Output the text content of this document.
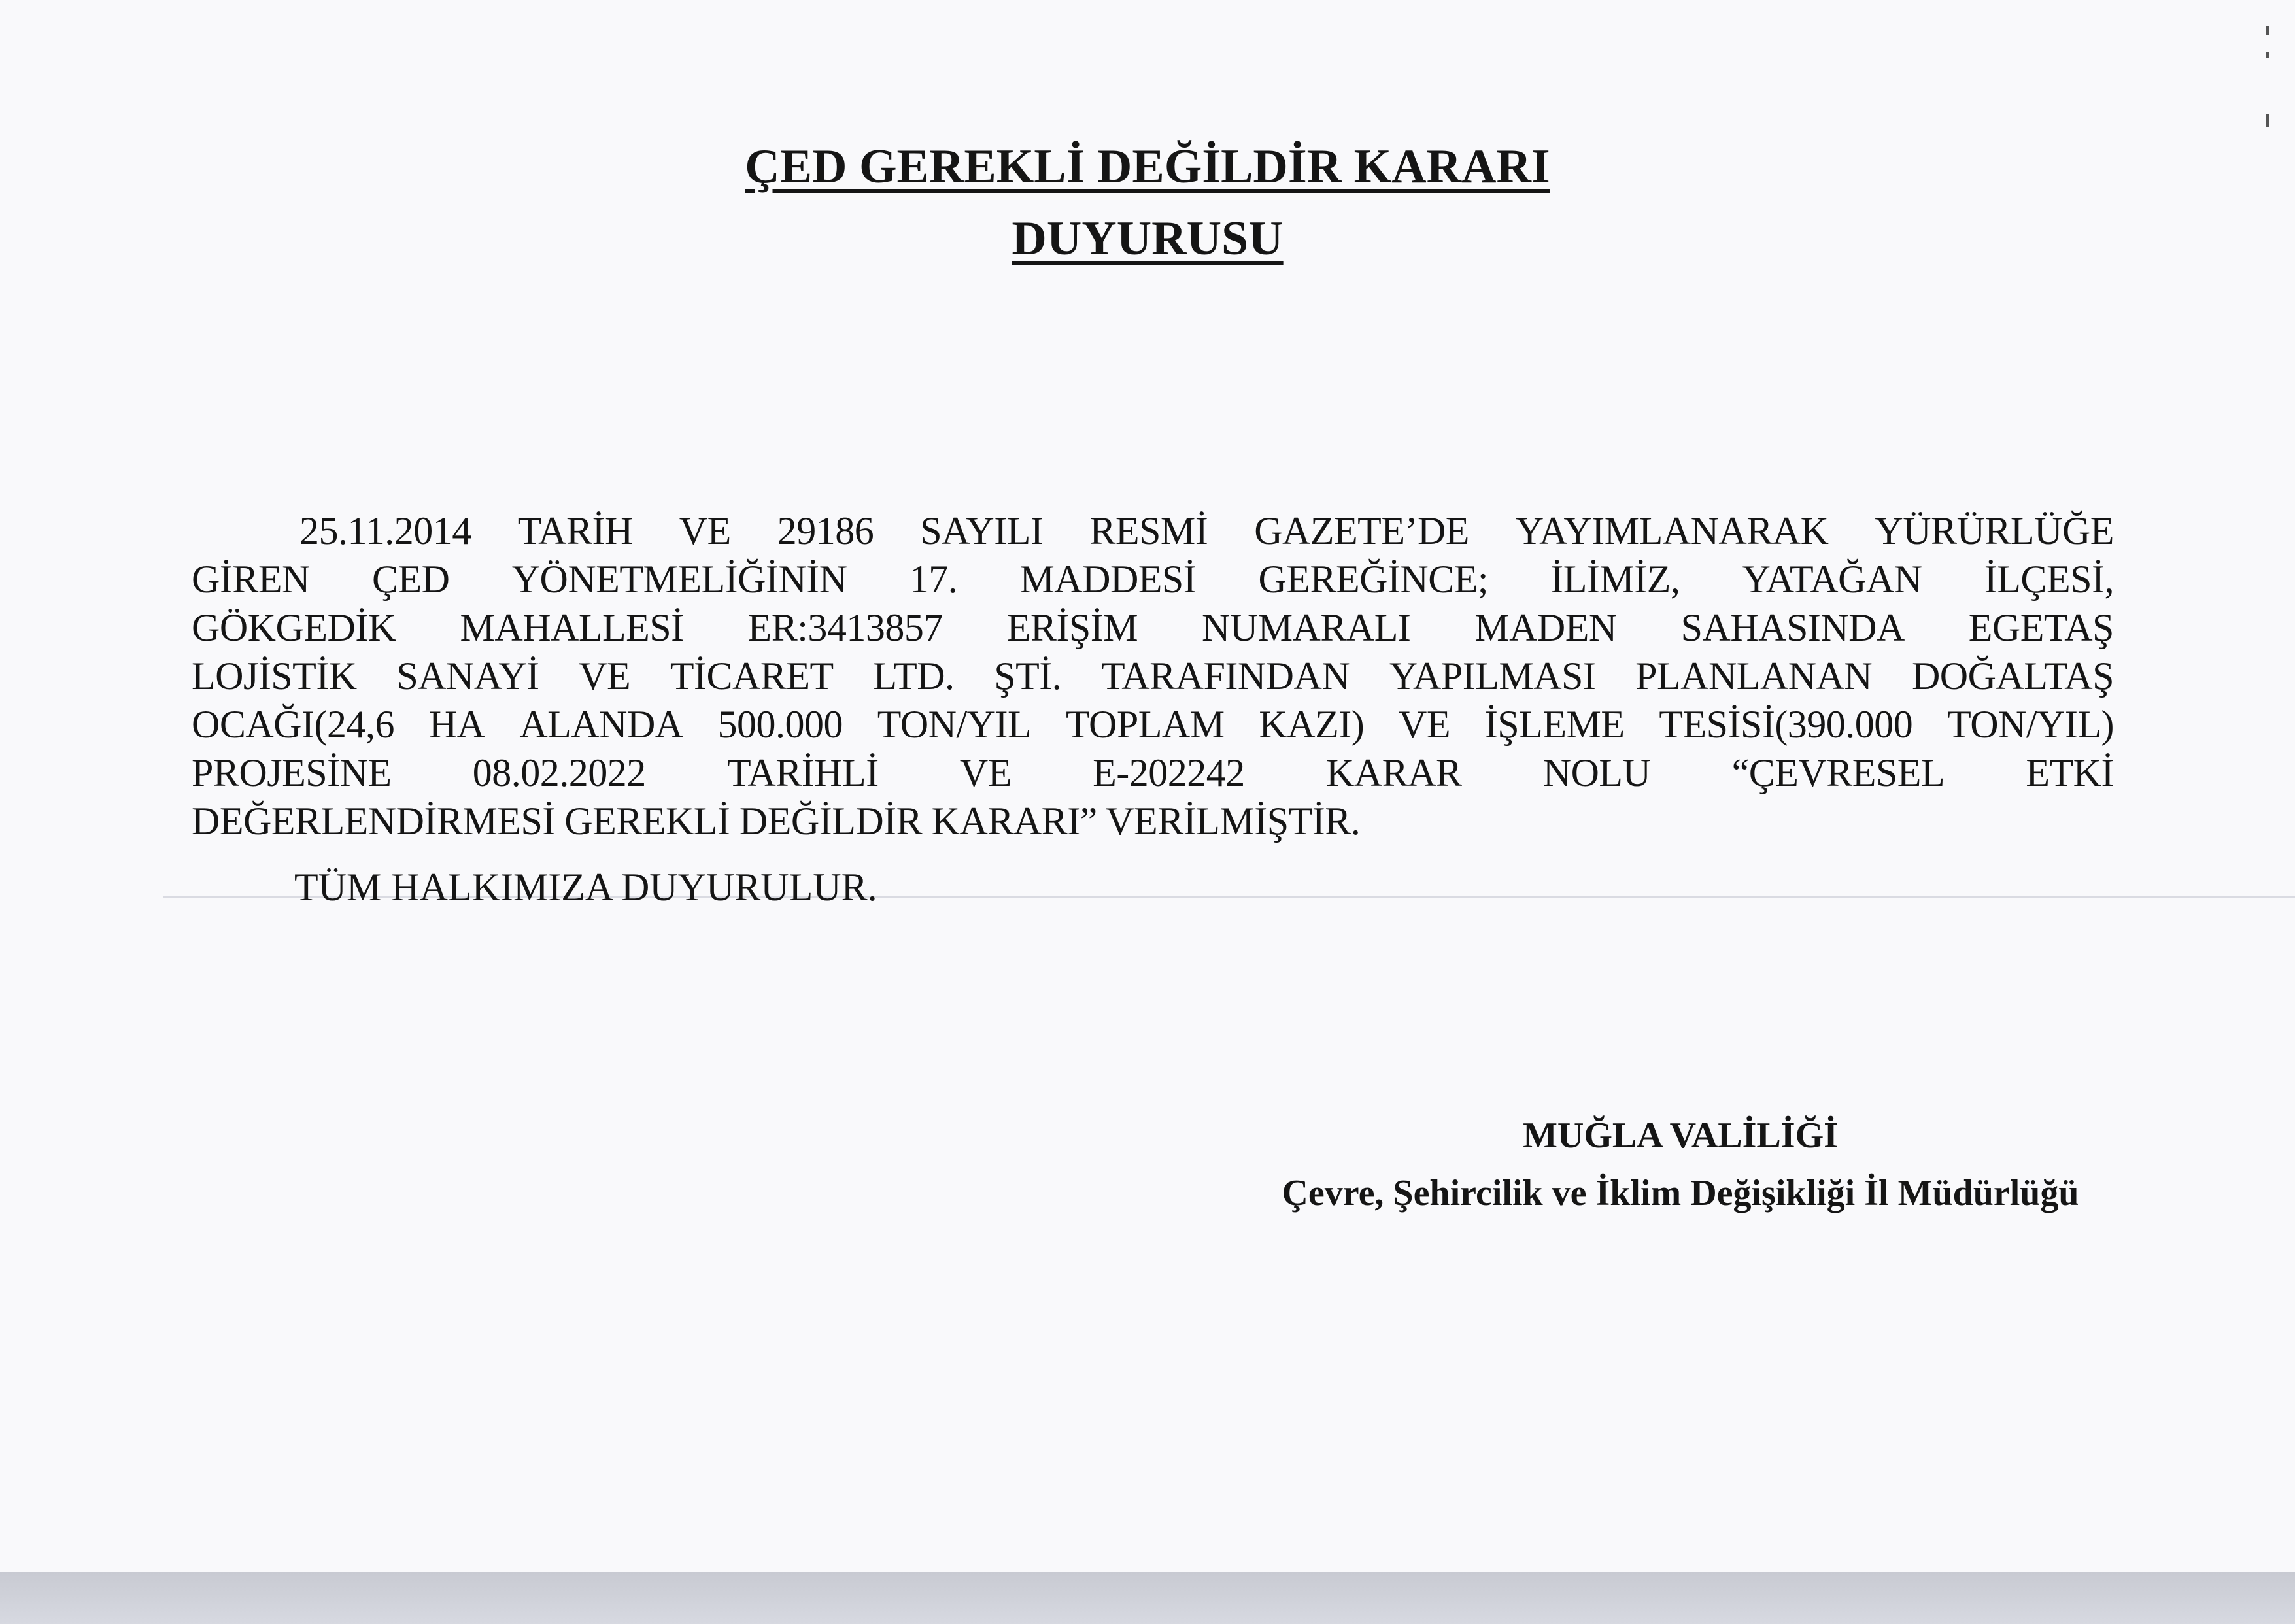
ÇED GEREKLİ DEĞİLDİR KARARI
DUYURUSU
25.11.2014 TARİH VE 29186 SAYILI RESMİ GAZETE’DE YAYIMLANARAK YÜRÜRLÜĞE
GİREN ÇED YÖNETMELİĞİNİN 17. MADDESİ GEREĞİNCE; İLİMİZ, YATAĞAN İLÇESİ,
GÖKGEDİK MAHALLESİ ER:3413857 ERİŞİM NUMARALI MADEN SAHASINDA EGETAŞ
LOJİSTİK SANAYİ VE TİCARET LTD. ŞTİ. TARAFINDAN YAPILMASI PLANLANAN DOĞALTAŞ
OCAĞI(24,6 HA ALANDA 500.000 TON/YIL TOPLAM KAZI) VE İŞLEME TESİSİ(390.000 TON/YIL)
PROJESİNE 08.02.2022 TARİHLİ VE E-202242 KARAR NOLU “ÇEVRESEL ETKİ
DEĞERLENDİRMESİ GEREKLİ DEĞİLDİR KARARI” VERİLMİŞTİR.
TÜM HALKIMIZA DUYURULUR.
MUĞLA VALİLİĞİ
Çevre, Şehircilik ve İklim Değişikliği İl Müdürlüğü
